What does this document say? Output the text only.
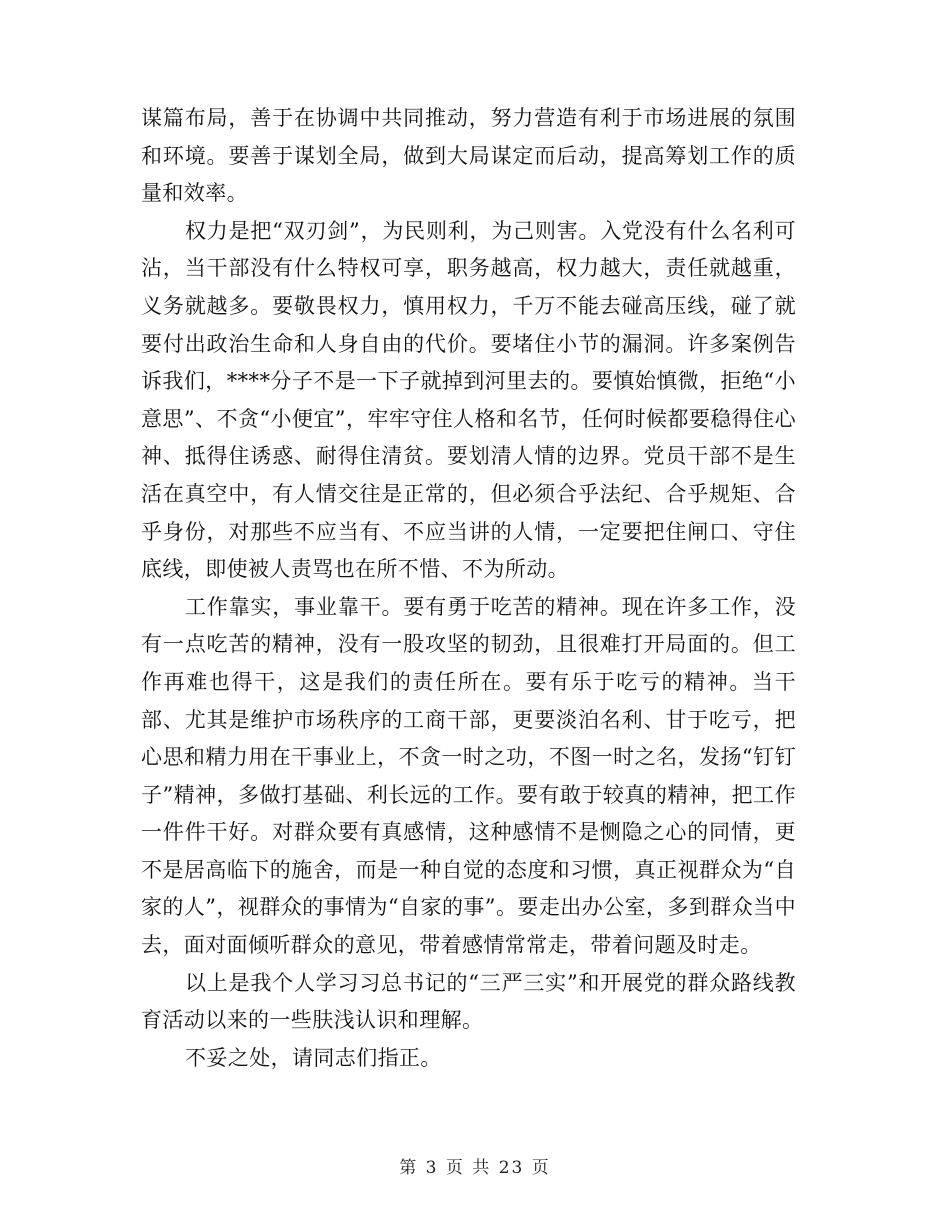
谋篇布局，善于在协调中共同推动，努力营造有利于市场进展的氛围和环境。要善于谋划全局，做到大局谋定而后动，提高筹划工作的质量和效率。

权力是把“双刃剑”，为民则利，为己则害。入党没有什么名利可沾，当干部没有什么特权可享，职务越高，权力越大，责任就越重，义务就越多。要敬畏权力，慎用权力，千万不能去碰高压线，碰了就要付出政治生命和人身自由的代价。要堵住小节的漏洞。许多案例告诉我们，****分子不是一下子就掉到河里去的。要慎始慎微，拒绝“小意思”、不贪“小便宜”，牢牢守住人格和名节，任何时候都要稳得住心神、抵得住诱惑、耐得住清贫。要划清人情的边界。党员干部不是生活在真空中，有人情交往是正常的，但必须合乎法纪、合乎规矩、合乎身份，对那些不应当有、不应当讲的人情，一定要把住闸口、守住底线，即使被人责骂也在所不惜、不为所动。

工作靠实，事业靠干。要有勇于吃苦的精神。现在许多工作，没有一点吃苦的精神，没有一股攻坚的韧劲，且很难打开局面的。但工作再难也得干，这是我们的责任所在。要有乐于吃亏的精神。当干部、尤其是维护市场秩序的工商干部，更要淡泊名利、甘于吃亏，把心思和精力用在干事业上，不贪一时之功，不图一时之名，发扬“钉钉子”精神，多做打基础、利长远的工作。要有敢于较真的精神，把工作一件件干好。对群众要有真感情，这种感情不是恻隐之心的同情，更不是居高临下的施舍，而是一种自觉的态度和习惯，真正视群众为“自家的人”，视群众的事情为“自家的事”。要走出办公室，多到群众当中去，面对面倾听群众的意见，带着感情常常走，带着问题及时走。

以上是我个人学习习总书记的“三严三实”和开展党的群众路线教育活动以来的一些肤浅认识和理解。

不妥之处，请同志们指正。

第 3 页 共 23 页
